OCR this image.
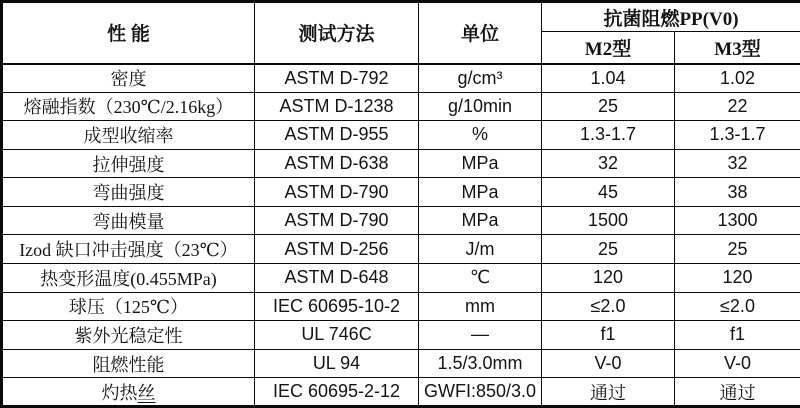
性 能	测试方法	单位	抗菌阻燃PP(V0)	
			M2型	M3型
密度	ASTM D-792	g/cm³	1.04	1.02
熔融指数（230℃/2.16kg）	ASTM D-1238	g/10min	25	22
成型收缩率	ASTM D-955	%	1.3-1.7	1.3-1.7
拉伸强度	ASTM D-638	MPa	32	32
弯曲强度	ASTM D-790	MPa	45	38
弯曲模量	ASTM D-790	MPa	1500	1300
Izod 缺口冲击强度（23℃）	ASTM D-256	J/m	25	25
热变形温度(0.455MPa)	ASTM D-648	℃	120	120
球压（125℃）	IEC 60695-10-2	mm	≤2.0	≤2.0
紫外光稳定性	UL 746C	—	f1	f1
阻燃性能	UL 94	1.5/3.0mm	V-0	V-0
灼热丝	IEC 60695-2-12	GWFI:850/3.0	通过	通过
